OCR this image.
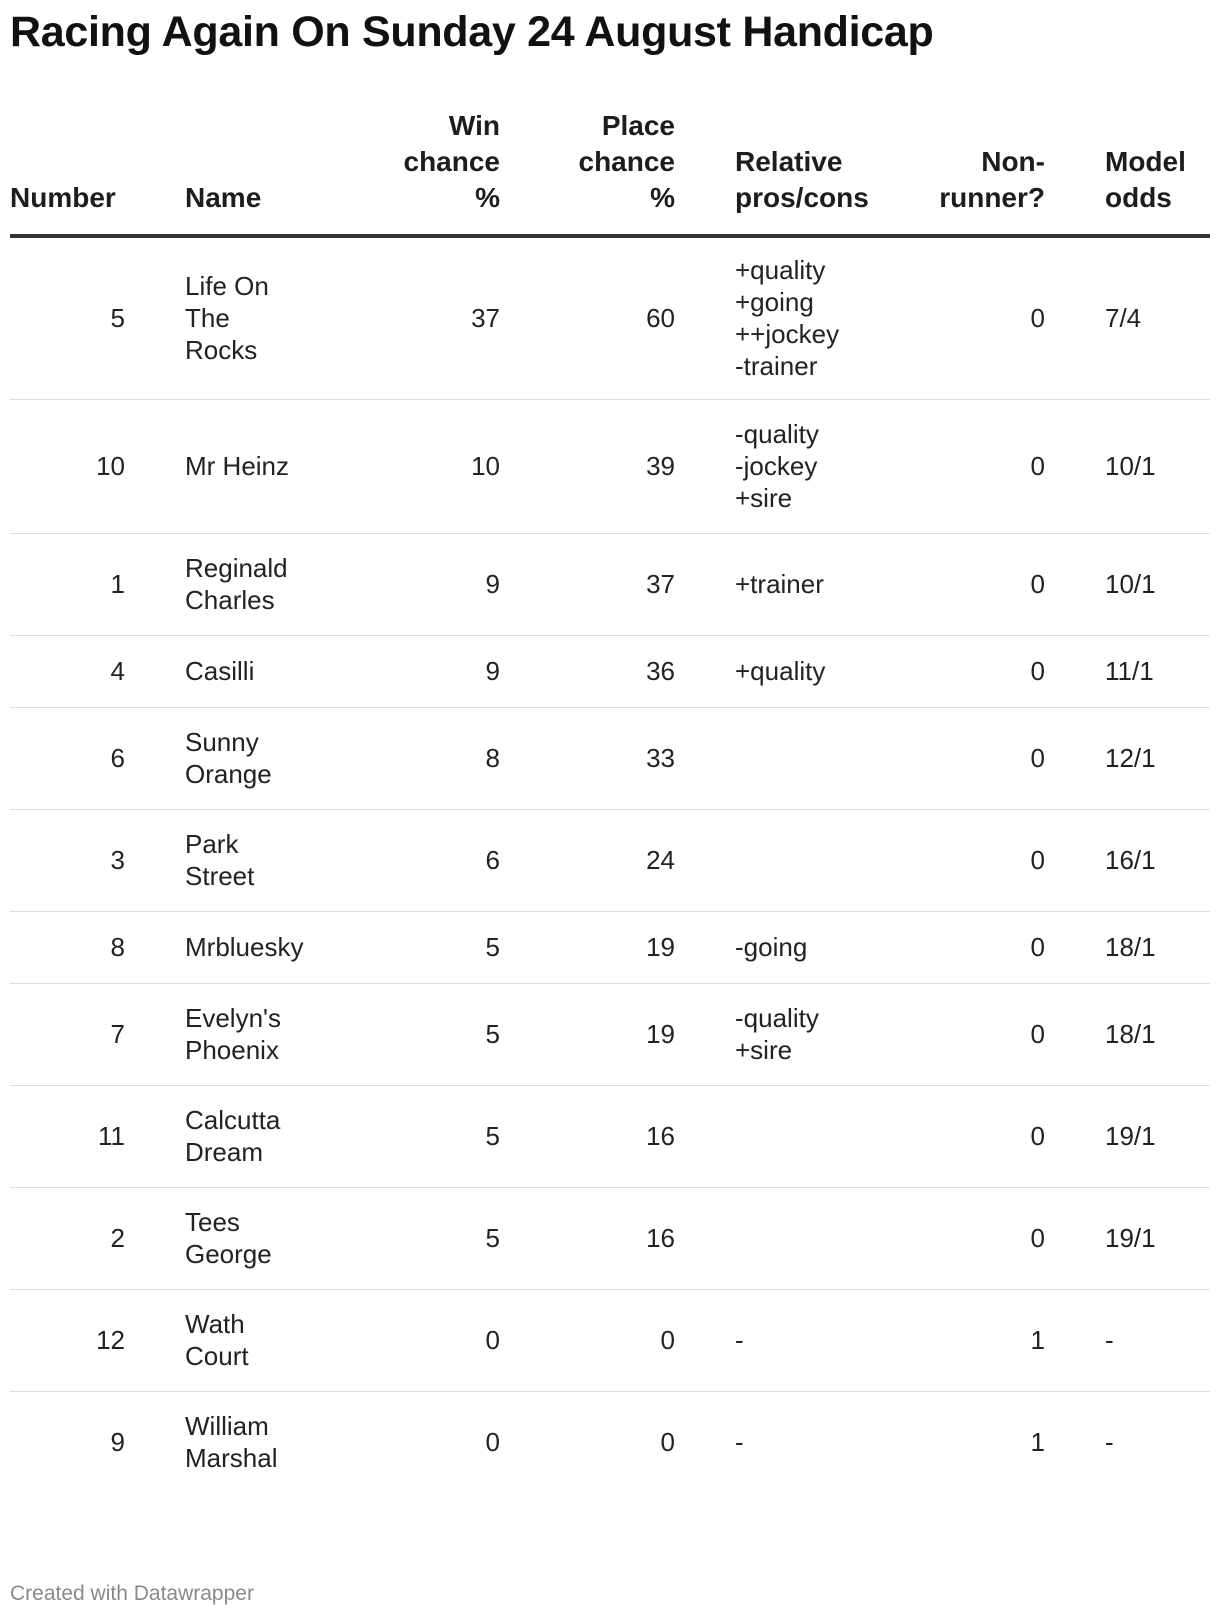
Racing Again On Sunday 24 August Handicap
Number		Name	Win
chance
%	Place
chance
%		Relative
pros/cons	Non-
runner?		Model
odds

5		Life On
The
Rocks	37	60		+quality
+going
++jockey
-trainer	0		7/4
10		Mr Heinz	10	39		-quality
-jockey
+sire	0		10/1
1		Reginald
Charles	9	37		+trainer	0		10/1
4		Casilli	9	36		+quality	0		11/1
6		Sunny
Orange	8	33			0		12/1
3		Park
Street	6	24			0		16/1
8		Mrbluesky	5	19		-going	0		18/1
7		Evelyn's
Phoenix	5	19		-quality
+sire	0		18/1
11		Calcutta
Dream	5	16			0		19/1
2		Tees
George	5	16			0		19/1
12		Wath
Court	0	0		-	1		-
9		William
Marshal	0	0		-	1		-
Created with Datawrapper
